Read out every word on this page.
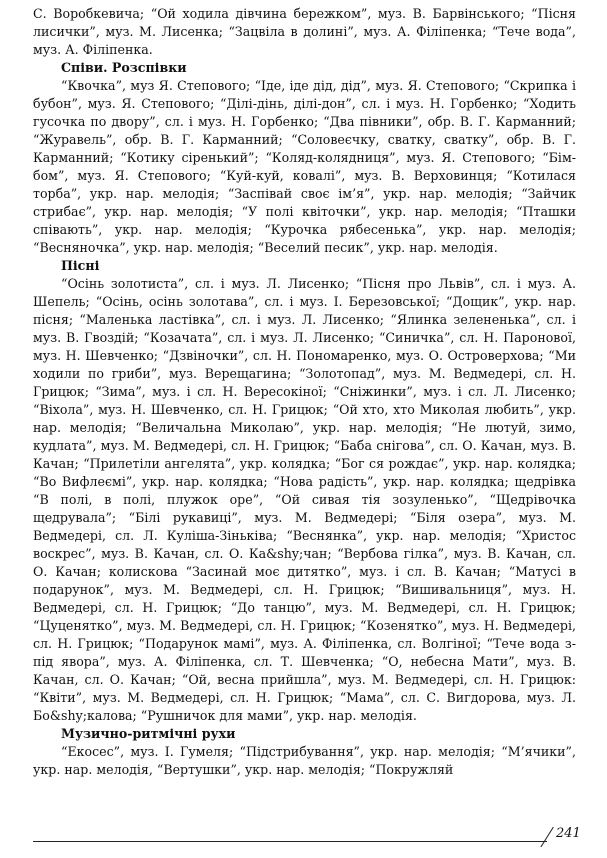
С. Воробкевича; “Ой ходила дівчина бережком”, муз. В. Барвінського; “Пісня лисички”, муз. М. Лисенка; “Зацвіла в долині”, муз. А. Філіпенка; “Тече вода”, муз. А. Філіпенка.

Співи. Розспівки

“Квочка”, муз Я. Степового; “Іде, іде дід, дід”, муз. Я. Степового; “Скрипка і бубон”, муз. Я. Степового; “Ділі-дінь, ділі-дон”, сл. і муз. Н. Горбенко; “Ходить гусочка по двору”, сл. і муз. Н. Горбенко; “Два півники”, обр. В. Г. Карманний; “Журавель”, обр. В. Г. Карманний; “Соловеєчку, сватку, сватку”, обр. В. Г. Карманний; “Котику сіренький”; “Коляд-колядниця”, муз. Я. Степового; “Бім-бом”, муз. Я. Степового; “Куй-куй, ковалі”, муз. В. Верховинця; “Котилася торба”, укр. нар. мелодія; “Заспівай своє ім’я”, укр. нар. мелодія; “Зайчик стрибає”, укр. нар. мелодія; “У полі квіточки”, укр. нар. мелодія; “Пташки співають”, укр. нар. мелодія; “Курочка рябесенька”, укр. нар. мелодія; “Весняночка”, укр. нар. мелодія; “Веселий песик”, укр. нар. мелодія.

Пісні

“Осінь золотиста”, сл. і муз. Л. Лисенко; “Пісня про Львів”, сл. і муз. А. Шепель; “Осінь, осінь золотава”, сл. і муз. І. Березовської; “Дощик”, укр. нар. пісня; “Маленька ластівка”, сл. і муз. Л. Лисенко; “Ялинка зелененька”, сл. і муз. В. Гвоздій; “Козачата”, сл. і муз. Л. Лисенко; “Синичка”, сл. Н. Паронової, муз. Н. Шевченко; “Дзвіночки”, сл. Н. Пономаренко, муз. О. Островерхова; “Ми ходили по гриби”, муз. Верещагина; “Золотопад”, муз. М. Ведмедері, сл. Н. Грицюк; “Зима”, муз. і сл. Н. Вересокіної; “Сніжинки”, муз. і сл. Л. Лисенко; “Віхола”, муз. Н. Шевченко, сл. Н. Грицюк; “Ой хто, хто Миколая любить”, укр. нар. мелодія; “Величальна Миколаю”, укр. нар. мелодія; “Не лютуй, зимо, кудлата”, муз. М. Ведмедері, сл. Н. Грицюк; “Баба снігова”, сл. О. Качан, муз. В. Качан; “Прилетіли ангелята”, укр. колядка; “Бог ся рождає”, укр. нар. колядка; “Во Вифлеємі”, укр. нар. колядка; “Нова радість”, укр. нар. колядка; щедрівка “В полі, в полі, плужок оре”, “Ой сивая тія зозуленько”, “Щедрівочка щедрувала”; “Білі рукавиці”, муз. М. Ведмедері; “Біля озера”, муз. М. Ведмедері, сл. Л. Куліша-Зіньківа; “Веснянка”, укр. нар. мелодія; “Христос воскрес”, муз. В. Качан, сл. О. Ка&shy;чан; “Вербова гілка”, муз. В. Качан, сл. О. Качан; колискова “Засинай моє дитятко”, муз. і сл. В. Качан; “Матусі в подарунок”, муз. М. Ведмедері, сл. Н. Грицюк; “Вишивальниця”, муз. Н. Ведмедері, сл. Н. Грицюк; “До танцю”, муз. М. Ведмедері, сл. Н. Грицюк; “Цуценятко”, муз. М. Ведмедері, сл. Н. Грицюк; “Козенятко”, муз. Н. Ведмедері, сл. Н. Грицюк; “Подарунок мамі”, муз. А. Філіпенка, сл. Волгіної; “Тече вода з-під явора”, муз. А. Філіпенка, сл. Т. Шевченка; “О, небесна Мати”, муз. В. Качан, сл. О. Качан; “Ой, весна прийшла”, муз. М. Ведмедері, сл. Н. Грицюк: “Квіти”, муз. М. Ведмедері, сл. Н. Грицюк; “Мама”, сл. С. Вигдорова, муз. Л. Бо&shy;калова; “Рушничок для мами”, укр. нар. мелодія.

Музично-ритмічні рухи

“Екосес”, муз. І. Гумеля; “Підстрибування”, укр. нар. мелодія; “М’ячики”, укр. нар. мелодія, “Вертушки”, укр. нар. мелодія; “Покружляй

241
